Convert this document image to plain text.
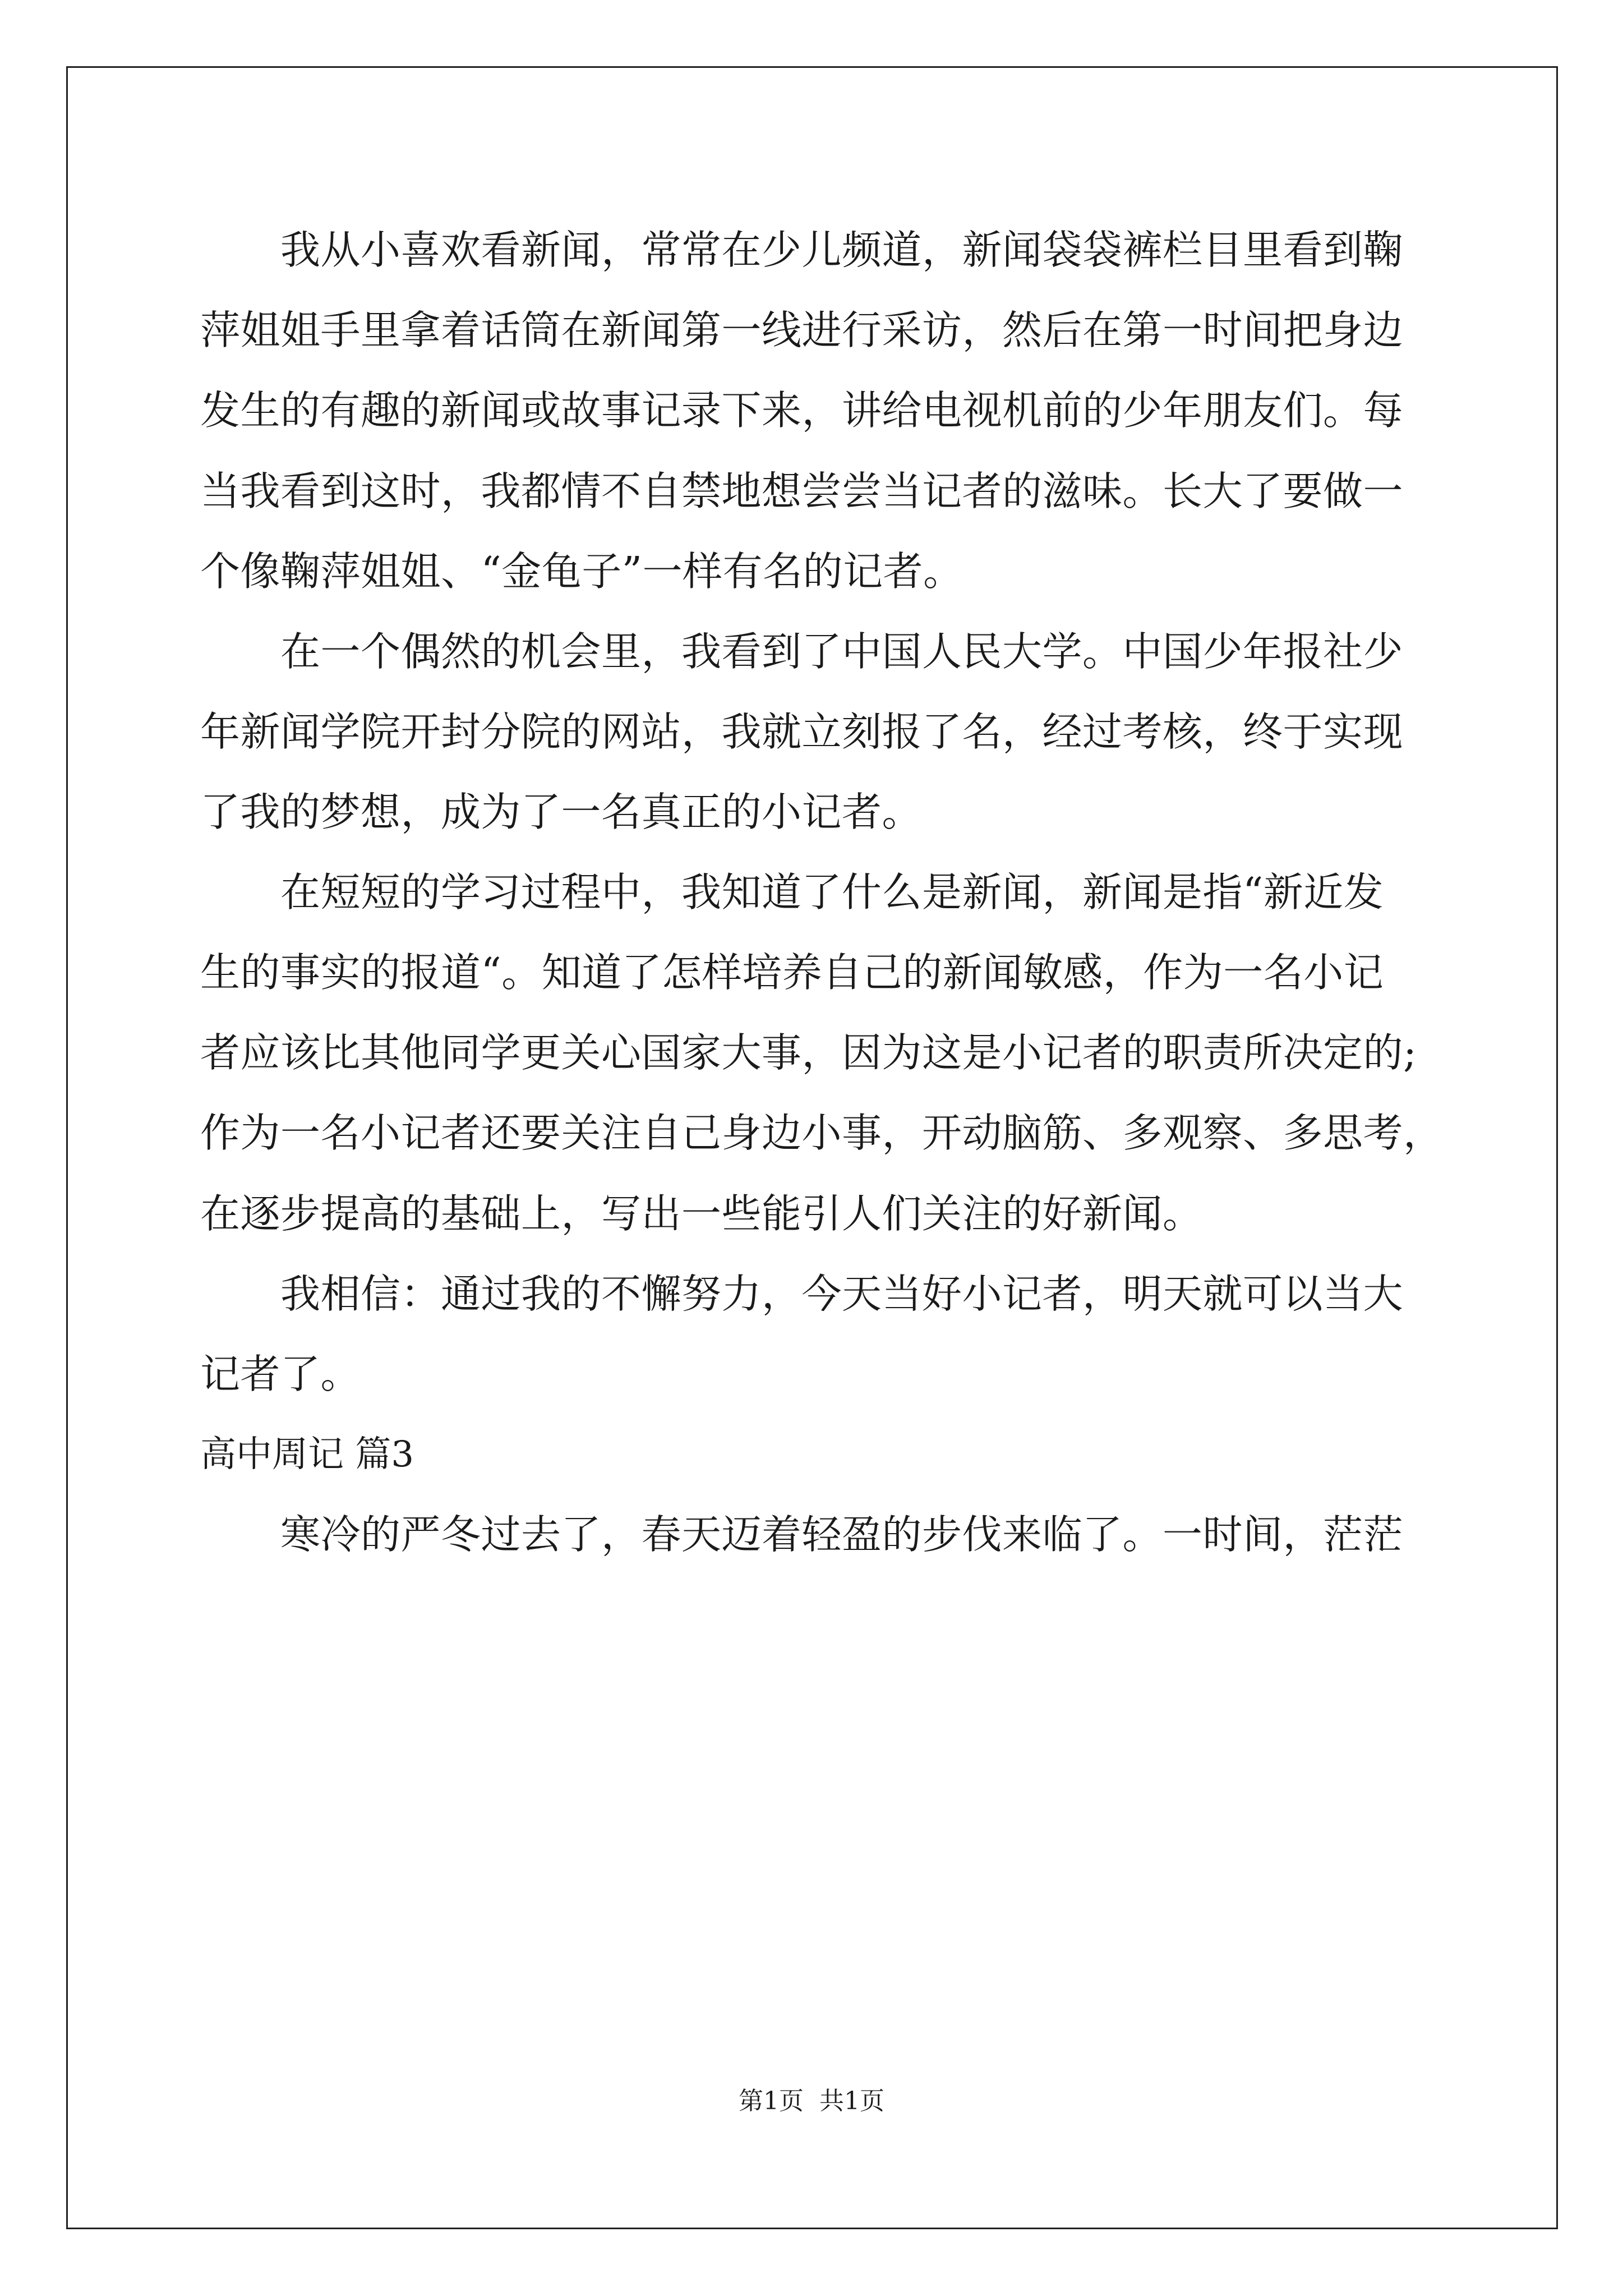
我从小喜欢看新闻，常常在少儿频道，新闻袋袋裤栏目里看到鞠
萍姐姐手里拿着话筒在新闻第一线进行采访，然后在第一时间把身边
发生的有趣的新闻或故事记录下来，讲给电视机前的少年朋友们。每
当我看到这时，我都情不自禁地想尝尝当记者的滋味。长大了要做一
个像鞠萍姐姐、“金龟子”一样有名的记者。
在一个偶然的机会里，我看到了中国人民大学。中国少年报社少
年新闻学院开封分院的网站，我就立刻报了名，经过考核，终于实现
了我的梦想，成为了一名真正的小记者。
在短短的学习过程中，我知道了什么是新闻，新闻是指“新近发
生的事实的报道“。知道了怎样培养自己的新闻敏感，作为一名小记
者应该比其他同学更关心国家大事，因为这是小记者的职责所决定的;
作为一名小记者还要关注自己身边小事，开动脑筋、多观察、多思考，
在逐步提高的基础上，写出一些能引人们关注的好新闻。
我相信：通过我的不懈努力，今天当好小记者，明天就可以当大
记者了。
高中周记 篇3
寒冷的严冬过去了，春天迈着轻盈的步伐来临了。一时间，茫茫
第1页 共1页
